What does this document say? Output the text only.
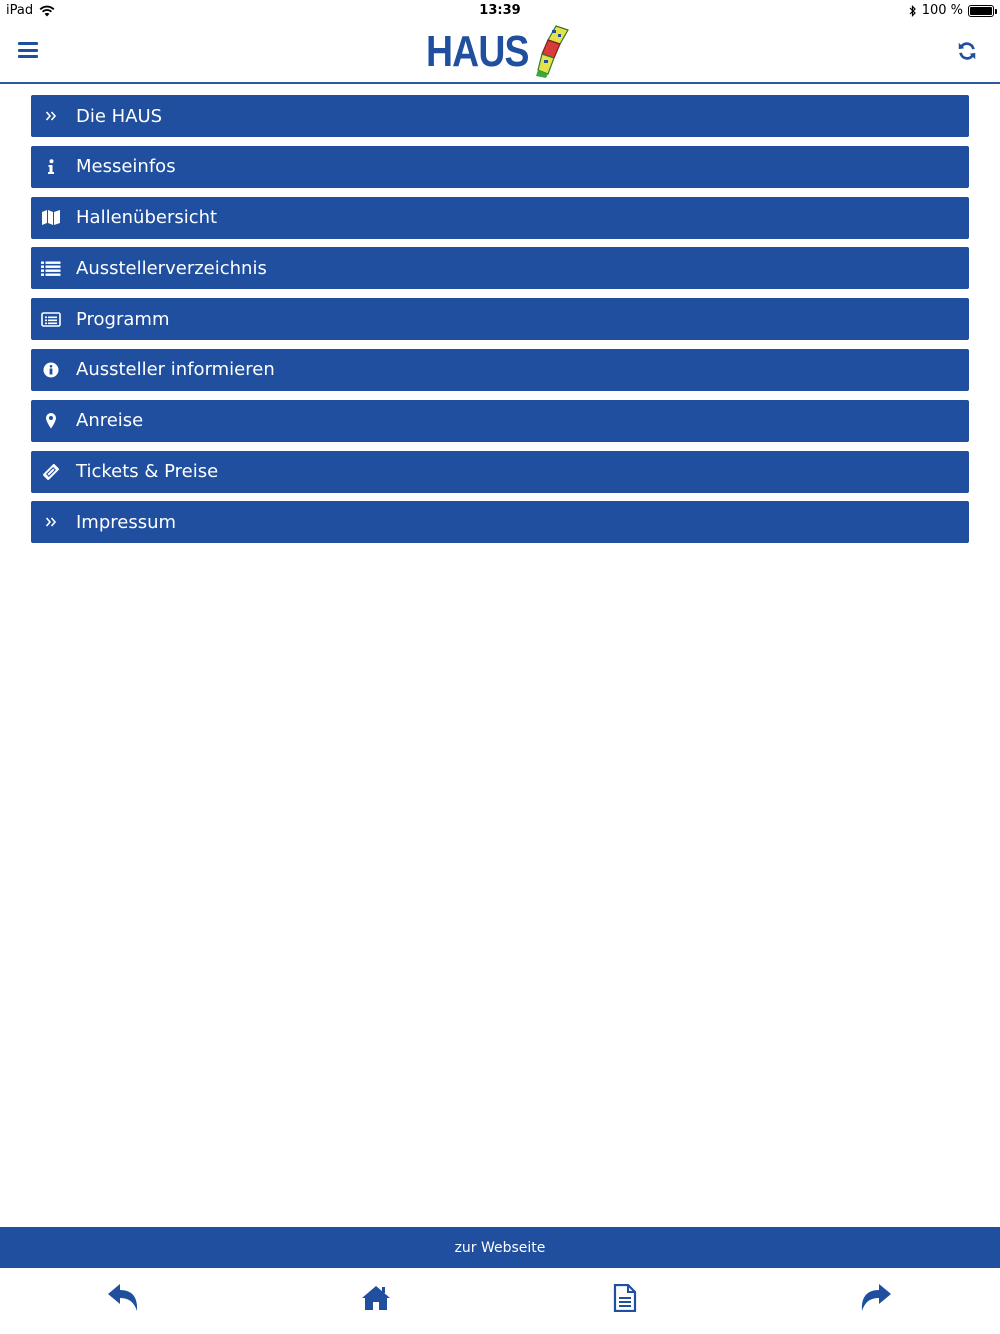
iPad	13:39	100 %
HAUS
Die HAUS
Messeinfos
Hallenübersicht
Ausstellerverzeichnis
Programm
Aussteller informieren
Anreise
Tickets & Preise
Impressum
zur Webseite
